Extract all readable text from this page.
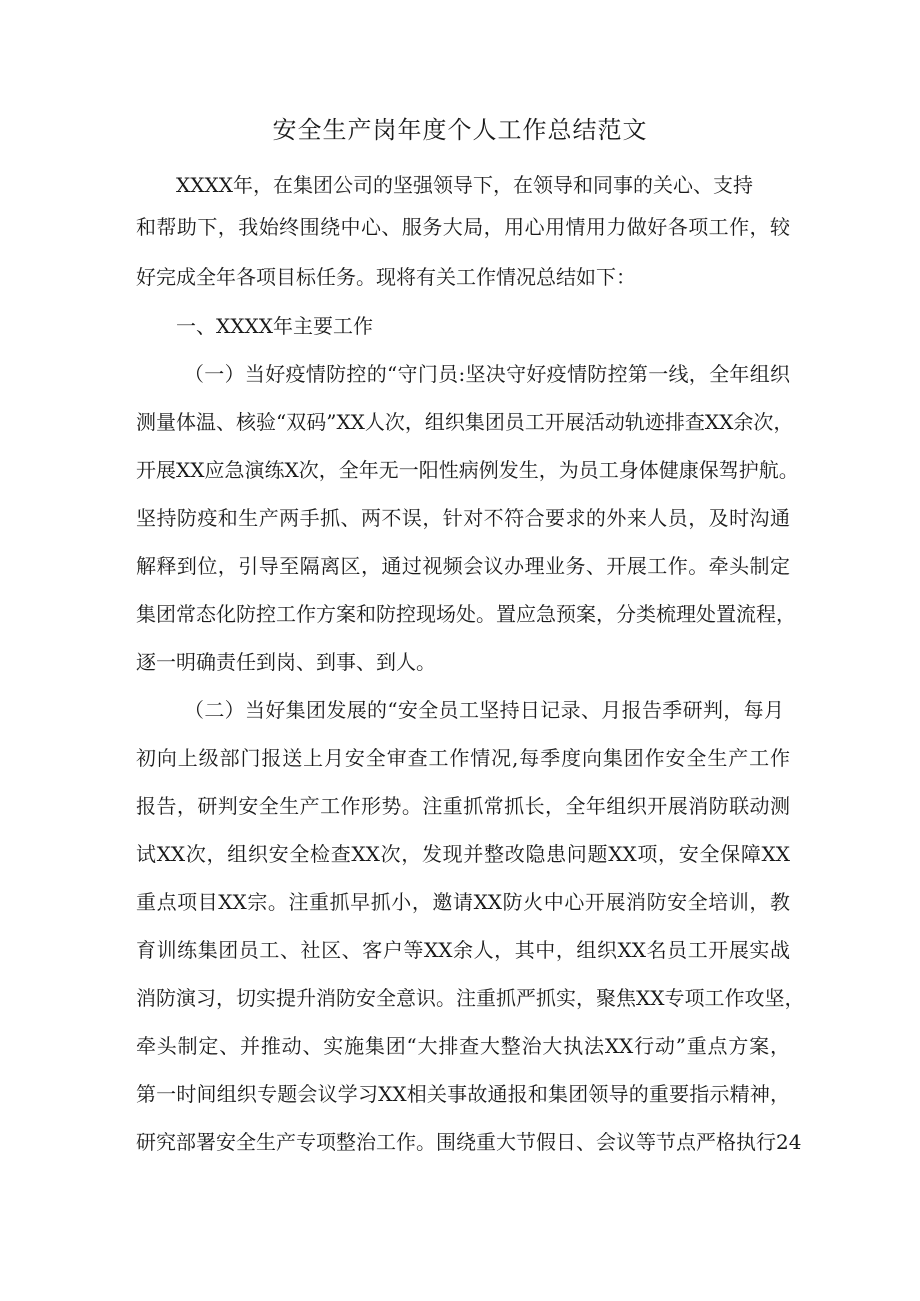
安全生产岗年度个人工作总结范文
XXXX年，在集团公司的坚强领导下，在领导和同事的关心、支持
和帮助下，我始终围绕中心、服务大局，用心用情用力做好各项工作，较
好完成全年各项目标任务。现将有关工作情况总结如下：
一、XXXX年主要工作
（一）当好疫情防控的“守门员:坚决守好疫情防控第一线，全年组织
测量体温、核验“双码”XX人次，组织集团员工开展活动轨迹排查XX余次，
开展XX应急演练X次，全年无一阳性病例发生，为员工身体健康保驾护航。
坚持防疫和生产两手抓、两不误，针对不符合要求的外来人员，及时沟通
解释到位，引导至隔离区，通过视频会议办理业务、开展工作。牵头制定
集团常态化防控工作方案和防控现场处。置应急预案，分类梳理处置流程，
逐一明确责任到岗、到事、到人。
（二）当好集团发展的“安全员工坚持日记录、月报告季研判，每月
初向上级部门报送上月安全审查工作情况,每季度向集团作安全生产工作
报告，研判安全生产工作形势。注重抓常抓长，全年组织开展消防联动测
试XX次，组织安全检查XX次，发现并整改隐患问题XX项，安全保障XX
重点项目XX宗。注重抓早抓小，邀请XX防火中心开展消防安全培训，教
育训练集团员工、社区、客户等XX余人，其中，组织XX名员工开展实战
消防演习，切实提升消防安全意识。注重抓严抓实，聚焦XX专项工作攻坚，
牵头制定、并推动、实施集团“大排查大整治大执法XX行动”重点方案，
第一时间组织专题会议学习XX相关事故通报和集团领导的重要指示精神，
研究部署安全生产专项整治工作。围绕重大节假日、会议等节点严格执行24
